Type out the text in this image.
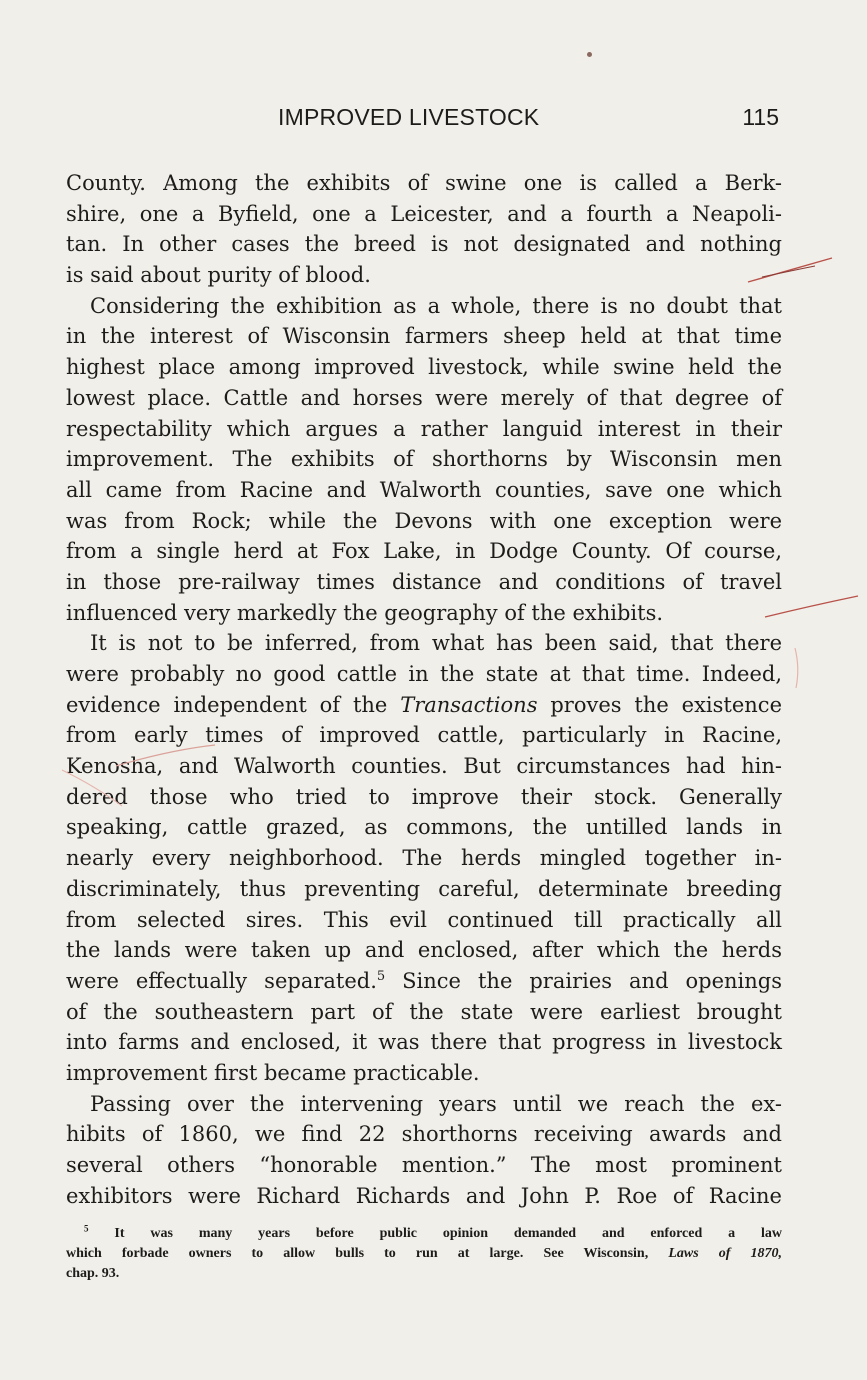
IMPROVED LIVESTOCK	115
County. Among the exhibits of swine one is called a Berk-
shire, one a Byfield, one a Leicester, and a fourth a Neapoli-
tan. In other cases the breed is not designated and nothing
is said about purity of blood.
Considering the exhibition as a whole, there is no doubt that
in the interest of Wisconsin farmers sheep held at that time
highest place among improved livestock, while swine held the
lowest place. Cattle and horses were merely of that degree of
respectability which argues a rather languid interest in their
improvement. The exhibits of shorthorns by Wisconsin men
all came from Racine and Walworth counties, save one which
was from Rock; while the Devons with one exception were
from a single herd at Fox Lake, in Dodge County. Of course,
in those pre-railway times distance and conditions of travel
influenced very markedly the geography of the exhibits.
It is not to be inferred, from what has been said, that there
were probably no good cattle in the state at that time. Indeed,
evidence independent of the Transactions proves the existence
from early times of improved cattle, particularly in Racine,
Kenosha, and Walworth counties. But circumstances had hin-
dered those who tried to improve their stock. Generally
speaking, cattle grazed, as commons, the untilled lands in
nearly every neighborhood. The herds mingled together in-
discriminately, thus preventing careful, determinate breeding
from selected sires. This evil continued till practically all
the lands were taken up and enclosed, after which the herds
were effectually separated.$^5$ Since the prairies and openings
of the southeastern part of the state were earliest brought
into farms and enclosed, it was there that progress in livestock
improvement first became practicable.
Passing over the intervening years until we reach the ex-
hibits of 1860, we find 22 shorthorns receiving awards and
several others “honorable mention.” The most prominent
exhibitors were Richard Richards and John P. Roe of Racine
$^5$ It was many years before public opinion demanded and enforced a law
which forbade owners to allow bulls to run at large. See Wisconsin, Laws of 1870,
chap. 93.
